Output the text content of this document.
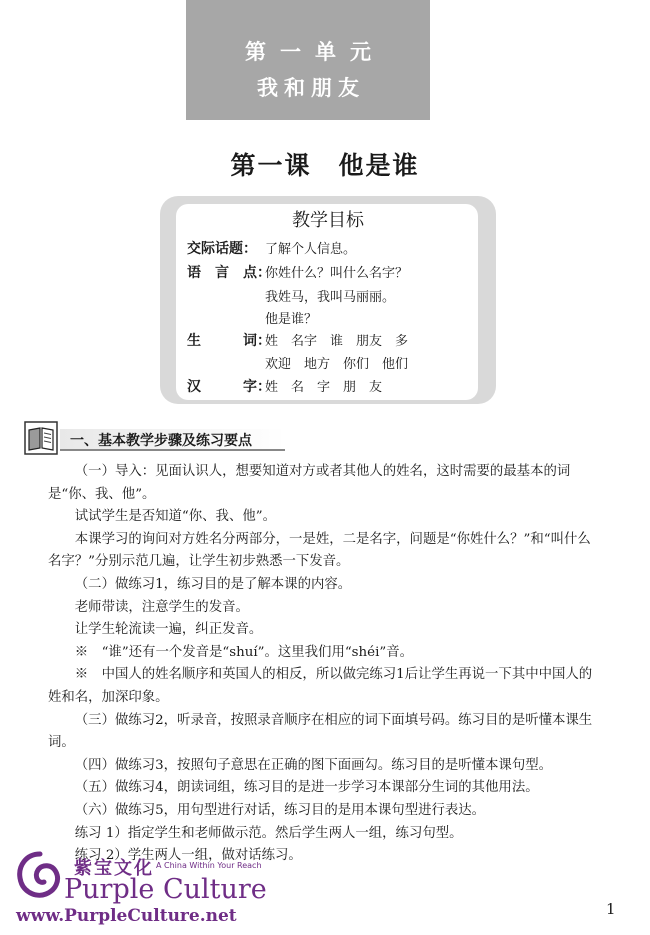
第一单元
我和朋友
第一课　他是谁
教学目标
交际话题： 了解个人信息。
语　言　点：你姓什么？叫什么名字？
我姓马，我叫马丽丽。
他是谁？
生　　　词：姓　名字　谁　朋友　多
欢迎　地方　你们　他们
汉　　　字：姓　名　字　朋　友
一、基本教学步骤及练习要点

（一）导入：见面认识人，想要知道对方或者其他人的姓名，这时需要的最基本的词是“你、我、他”。

试试学生是否知道“你、我、他”。

本课学习的询问对方姓名分两部分，一是姓，二是名字，问题是“你姓什么？”和“叫什么名字？”分别示范几遍，让学生初步熟悉一下发音。

（二）做练习1，练习目的是了解本课的内容。

老师带读，注意学生的发音。

让学生轮流读一遍，纠正发音。

※　“谁”还有一个发音是“shuí”。这里我们用“shéi”音。

※　中国人的姓名顺序和英国人的相反，所以做完练习1后让学生再说一下其中中国人的姓和名，加深印象。

（三）做练习2，听录音，按照录音顺序在相应的词下面填号码。练习目的是听懂本课生词。

（四）做练习3，按照句子意思在正确的图下面画勾。练习目的是听懂本课句型。

（五）做练习4，朗读词组，练习目的是进一步学习本课部分生词的其他用法。

（六）做练习5，用句型进行对话，练习目的是用本课句型进行表达。

练习 1）指定学生和老师做示范。然后学生两人一组，练习句型。

练习 2）学生两人一组，做对话练习。

1
紫宝文化 A China Within Your Reach
Purple Culture
www.PurpleCulture.net
